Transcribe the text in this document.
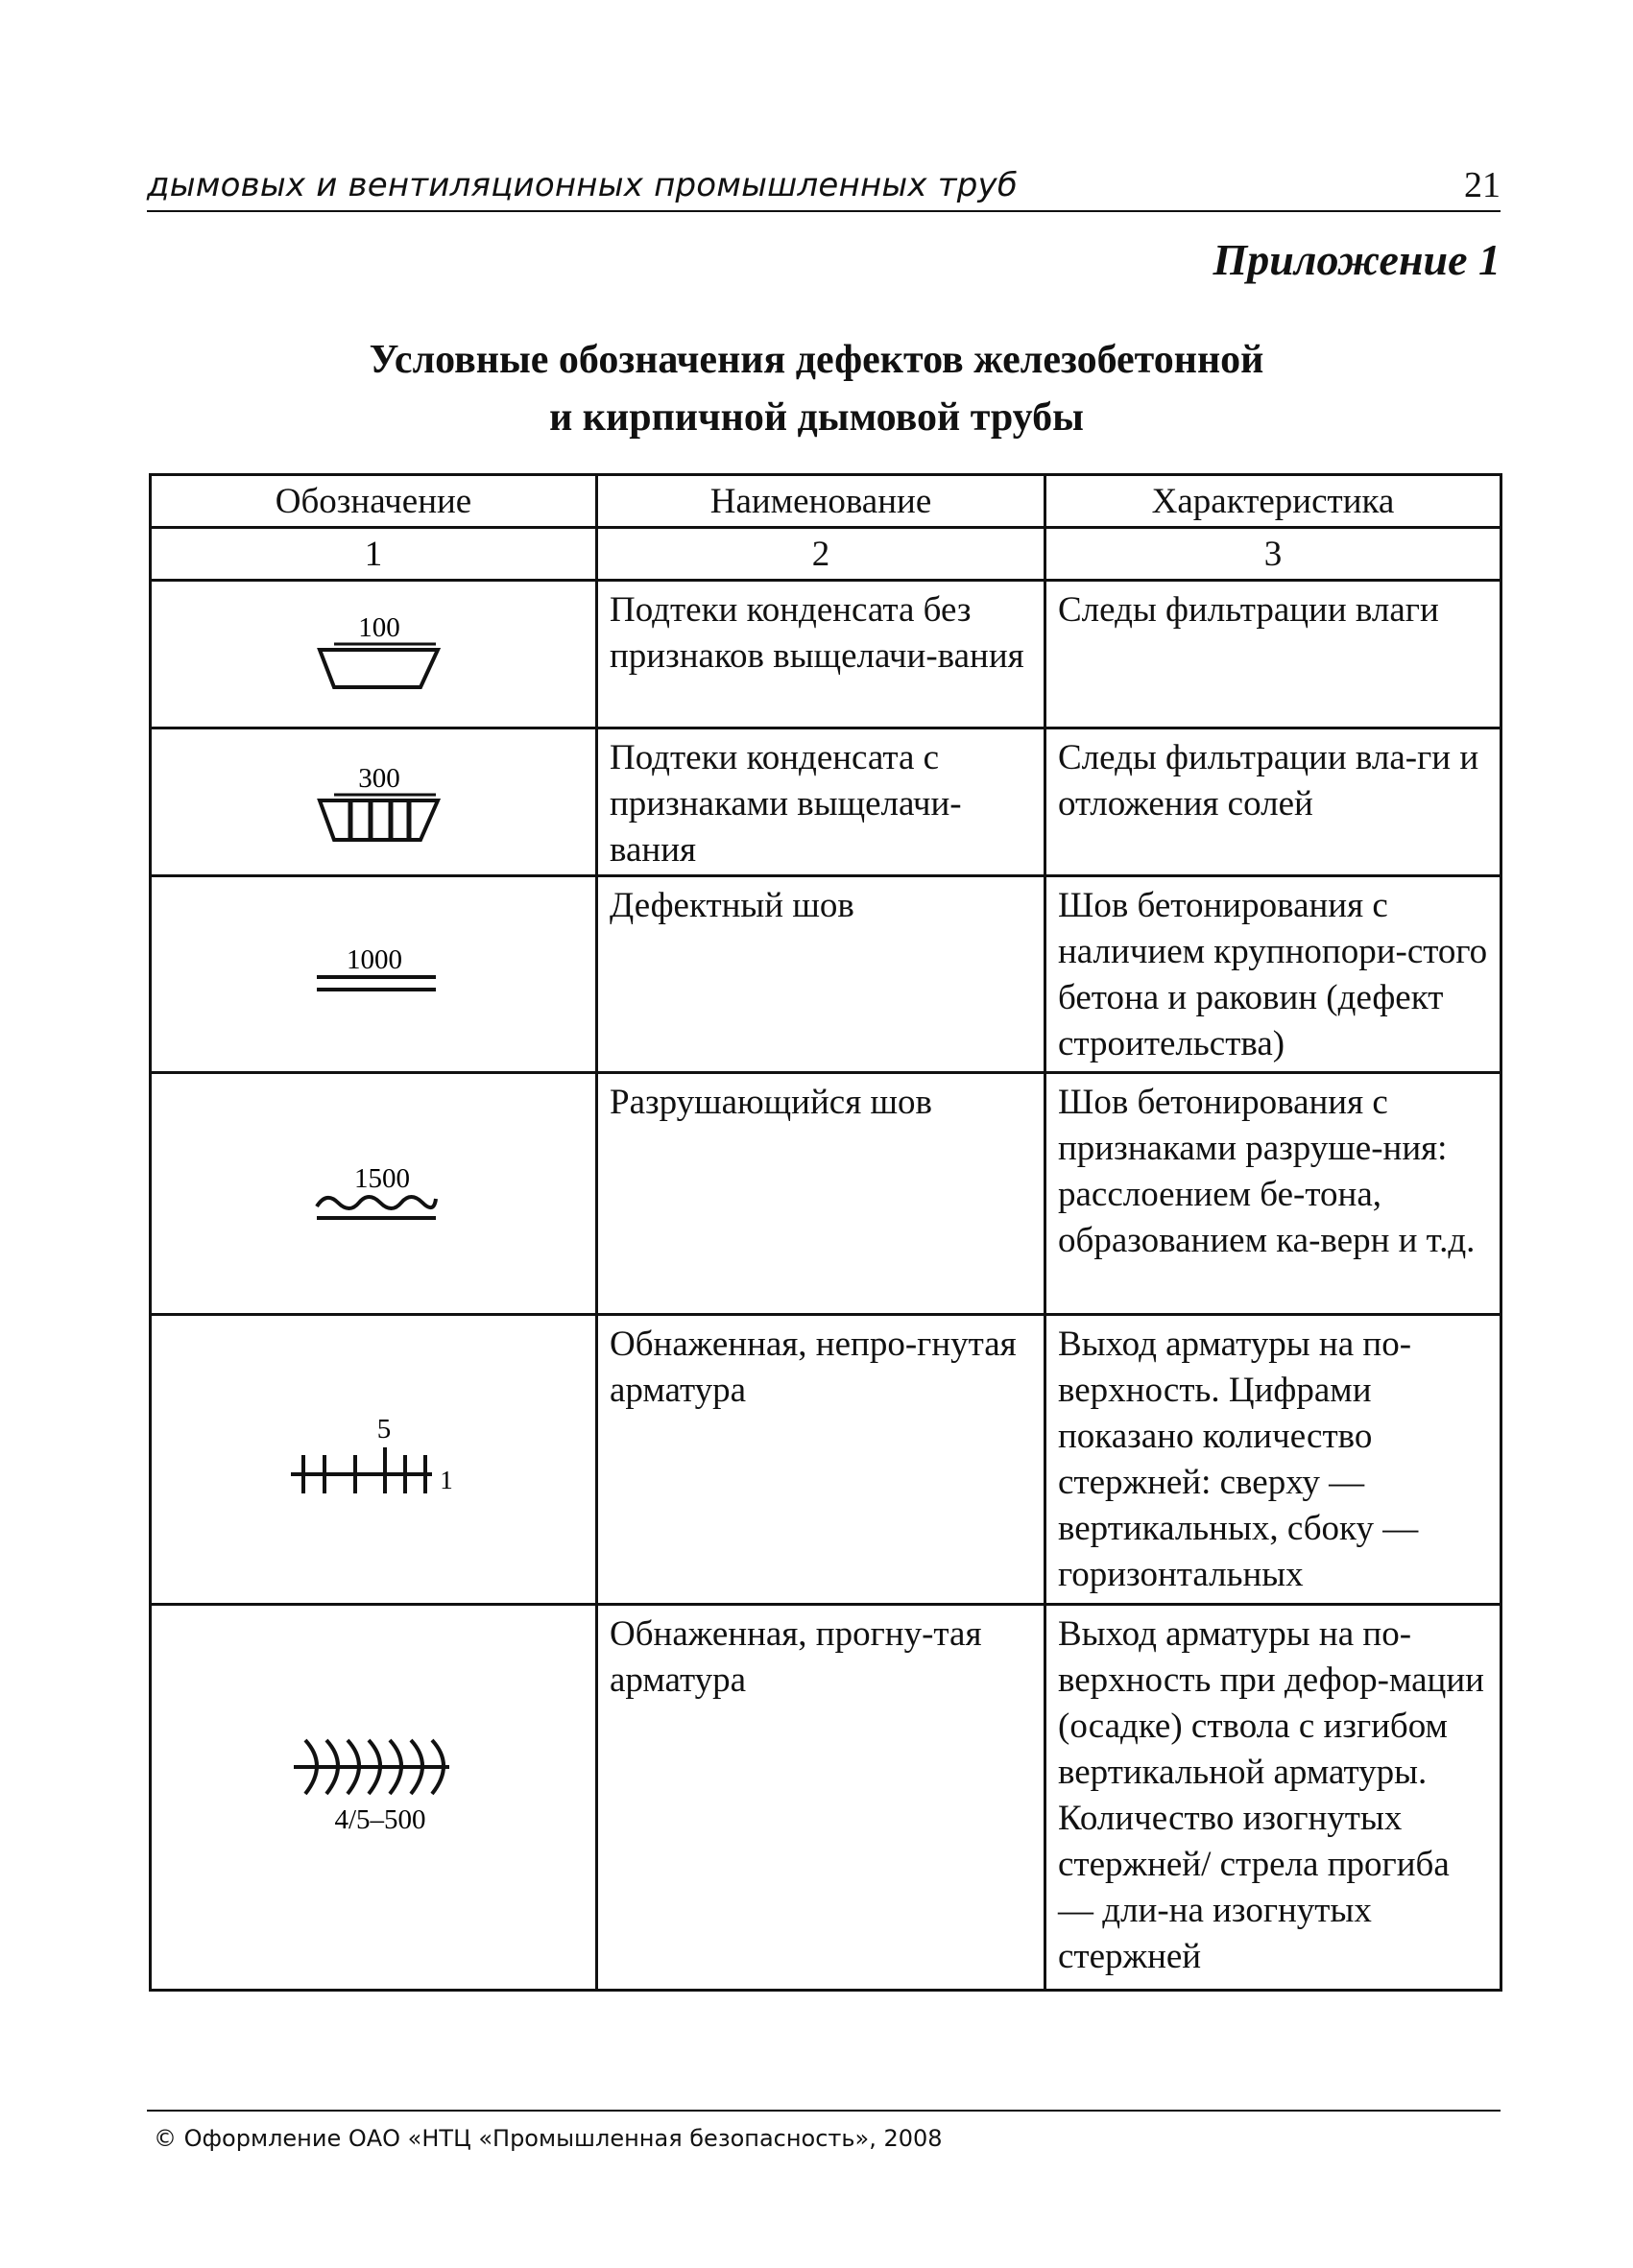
дымовых и вентиляционных промышленных труб	21
Приложение 1
Условные обозначения дефектов железобетонной
и кирпичной дымовой трубы
Обозначение	Наименование	Характеристика
1	2	3

100	Подтеки конденсата без признаков выщелачи-вания	Следы фильтрации влаги

300	Подтеки конденсата с признаками выщелачи-вания	Следы фильтрации вла-ги и отложения солей

1000	Дефектный шов	Шов бетонирования с наличием крупнопори-стого бетона и раковин (дефект строительства)

1500	Разрушающийся шов	Шов бетонирования с признаками разруше-ния: расслоением бе-тона, образованием ка-верн и т.д.

5
1	Обнаженная, непро-гнутая арматура	Выход арматуры на по-верхность. Цифрами показано количество стержней: сверху — вертикальных, сбоку — горизонтальных

4/5–500	Обнаженная, прогну-тая арматура	Выход арматуры на по-верхность при дефор-мации (осадке) ствола с изгибом вертикальной арматуры. Количество изогнутых стержней/ стрела прогиба — дли-на изогнутых стержней
© Оформление ОАО «НТЦ «Промышленная безопасность», 2008
